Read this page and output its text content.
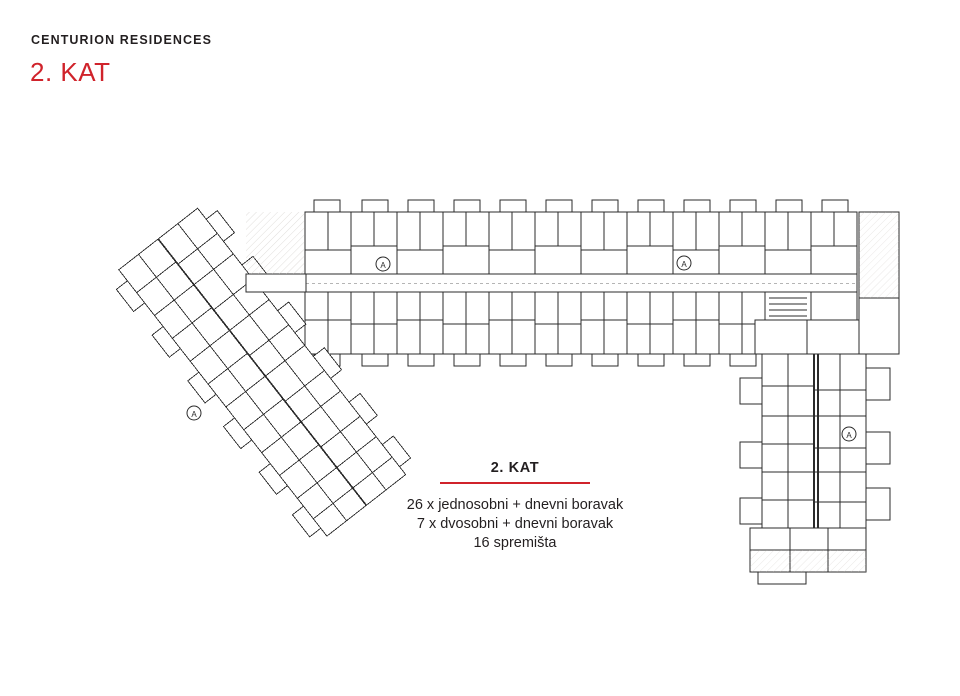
CENTURION RESIDENCES
2. KAT
A	A
A
A
2. KAT
26 x jednosobni + dnevni boravak
7 x dvosobni + dnevni boravak
16 spremišta
